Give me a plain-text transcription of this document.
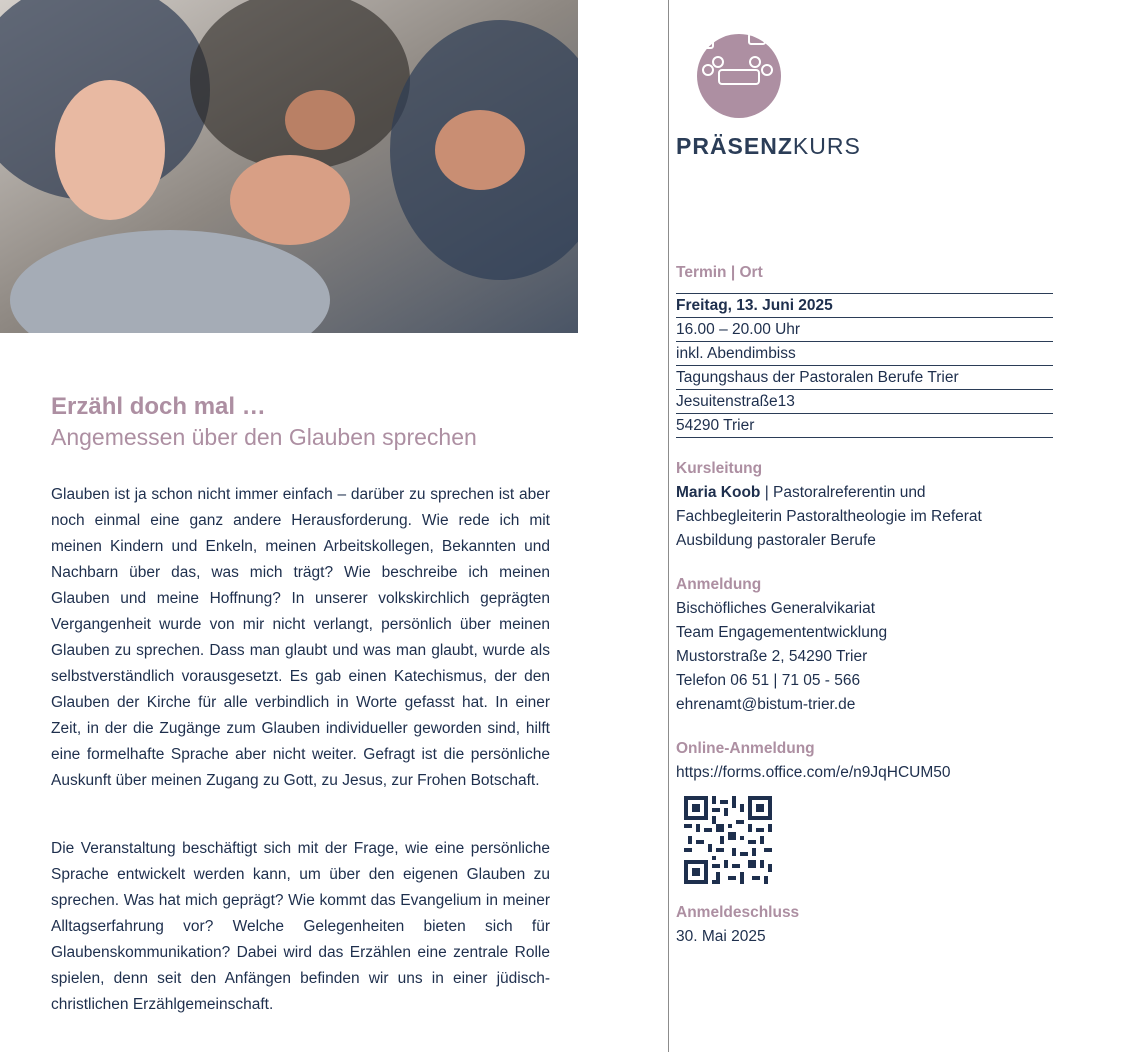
Erzähl doch mal …
Angemessen über den Glauben sprechen

Glauben ist ja schon nicht immer einfach – darüber zu sprechen ist aber noch einmal eine ganz andere Herausforderung. Wie rede ich mit meinen Kindern und Enkeln, meinen Arbeitskollegen, Bekannten und Nachbarn über das, was mich trägt? Wie beschreibe ich meinen Glauben und meine Hoffnung? In unserer volkskirchlich geprägten Vergangenheit wurde von mir nicht verlangt, persönlich über meinen Glauben zu sprechen. Dass man glaubt und was man glaubt, wurde als selbstverständlich vorausgesetzt. Es gab einen Katechismus, der den Glauben der Kirche für alle verbindlich in Worte gefasst hat. In einer Zeit, in der die Zugänge zum Glauben individueller geworden sind, hilft eine formelhafte Sprache aber nicht weiter. Gefragt ist die persönliche Auskunft über meinen Zugang zu Gott, zu Jesus, zur Frohen Botschaft.

Die Veranstaltung beschäftigt sich mit der Frage, wie eine persönliche Sprache entwickelt werden kann, um über den eigenen Glauben zu sprechen. Was hat mich geprägt? Wie kommt das Evangelium in meiner Alltagserfahrung vor? Welche Gelegenheiten bieten sich für Glaubenskommunikation? Dabei wird das Erzählen eine zentrale Rolle spielen, denn seit den Anfängen befinden wir uns in einer jüdisch-christlichen Erzählgemeinschaft.

PRÄSENZKURS
Termin | Ort
Freitag, 13. Juni 2025
16.00 – 20.00 Uhr
inkl. Abendimbiss
Tagungshaus der Pastoralen Berufe Trier
Jesuitenstraße13
54290 Trier
Kursleitung
Maria Koob | Pastoralreferentin und
Fachbegleiterin Pastoraltheologie im Referat
Ausbildung pastoraler Berufe
Anmeldung
Bischöfliches Generalvikariat
Team Engagemententwicklung
Mustorstraße 2, 54290 Trier
Telefon 06 51 | 71 05 - 566
ehrenamt@bistum-trier.de
Online-Anmeldung
https://forms.office.com/e/n9JqHCUM50
Anmeldeschluss
30. Mai 2025
